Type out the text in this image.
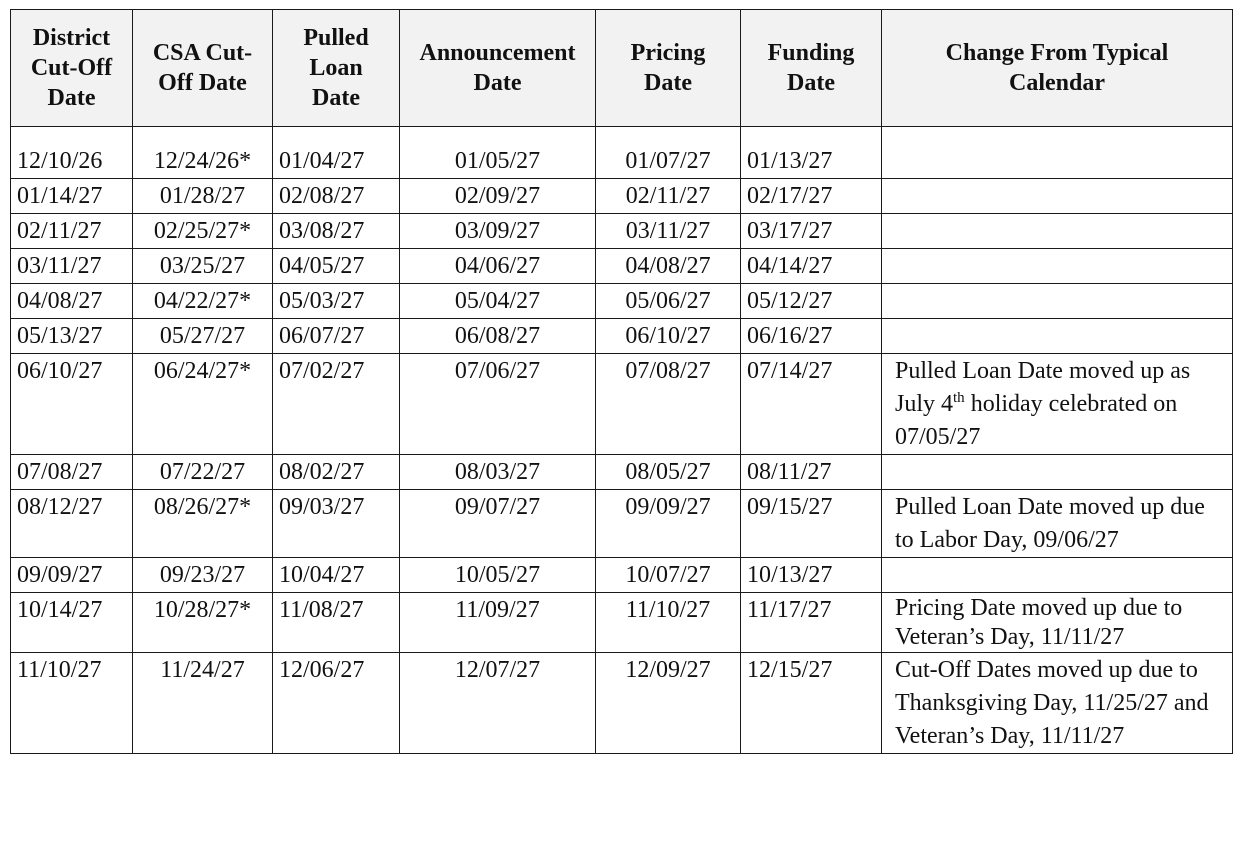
District
Cut-Off
Date	CSA Cut-
Off Date	Pulled
Loan
Date	Announcement
Date	Pricing
Date	Funding
Date	Change From Typical
Calendar

12/10/26	12/24/26*	01/04/27	01/05/27	01/07/27	01/13/27	
01/14/27	01/28/27	02/08/27	02/09/27	02/11/27	02/17/27	
02/11/27	02/25/27*	03/08/27	03/09/27	03/11/27	03/17/27	
03/11/27	03/25/27	04/05/27	04/06/27	04/08/27	04/14/27	
04/08/27	04/22/27*	05/03/27	05/04/27	05/06/27	05/12/27	
05/13/27	05/27/27	06/07/27	06/08/27	06/10/27	06/16/27	
06/10/27	06/24/27*	07/02/27	07/06/27	07/08/27	07/14/27	Pulled Loan Date moved up as July 4th holiday celebrated on 07/05/27
07/08/27	07/22/27	08/02/27	08/03/27	08/05/27	08/11/27	
08/12/27	08/26/27*	09/03/27	09/07/27	09/09/27	09/15/27	Pulled Loan Date moved up due to Labor Day, 09/06/27
09/09/27	09/23/27	10/04/27	10/05/27	10/07/27	10/13/27	
10/14/27	10/28/27*	11/08/27	11/09/27	11/10/27	11/17/27	Pricing Date moved up due to Veteran’s Day, 11/11/27
11/10/27	11/24/27	12/06/27	12/07/27	12/09/27	12/15/27	Cut-Off Dates moved up due to Thanksgiving Day, 11/25/27 and Veteran’s Day, 11/11/27
